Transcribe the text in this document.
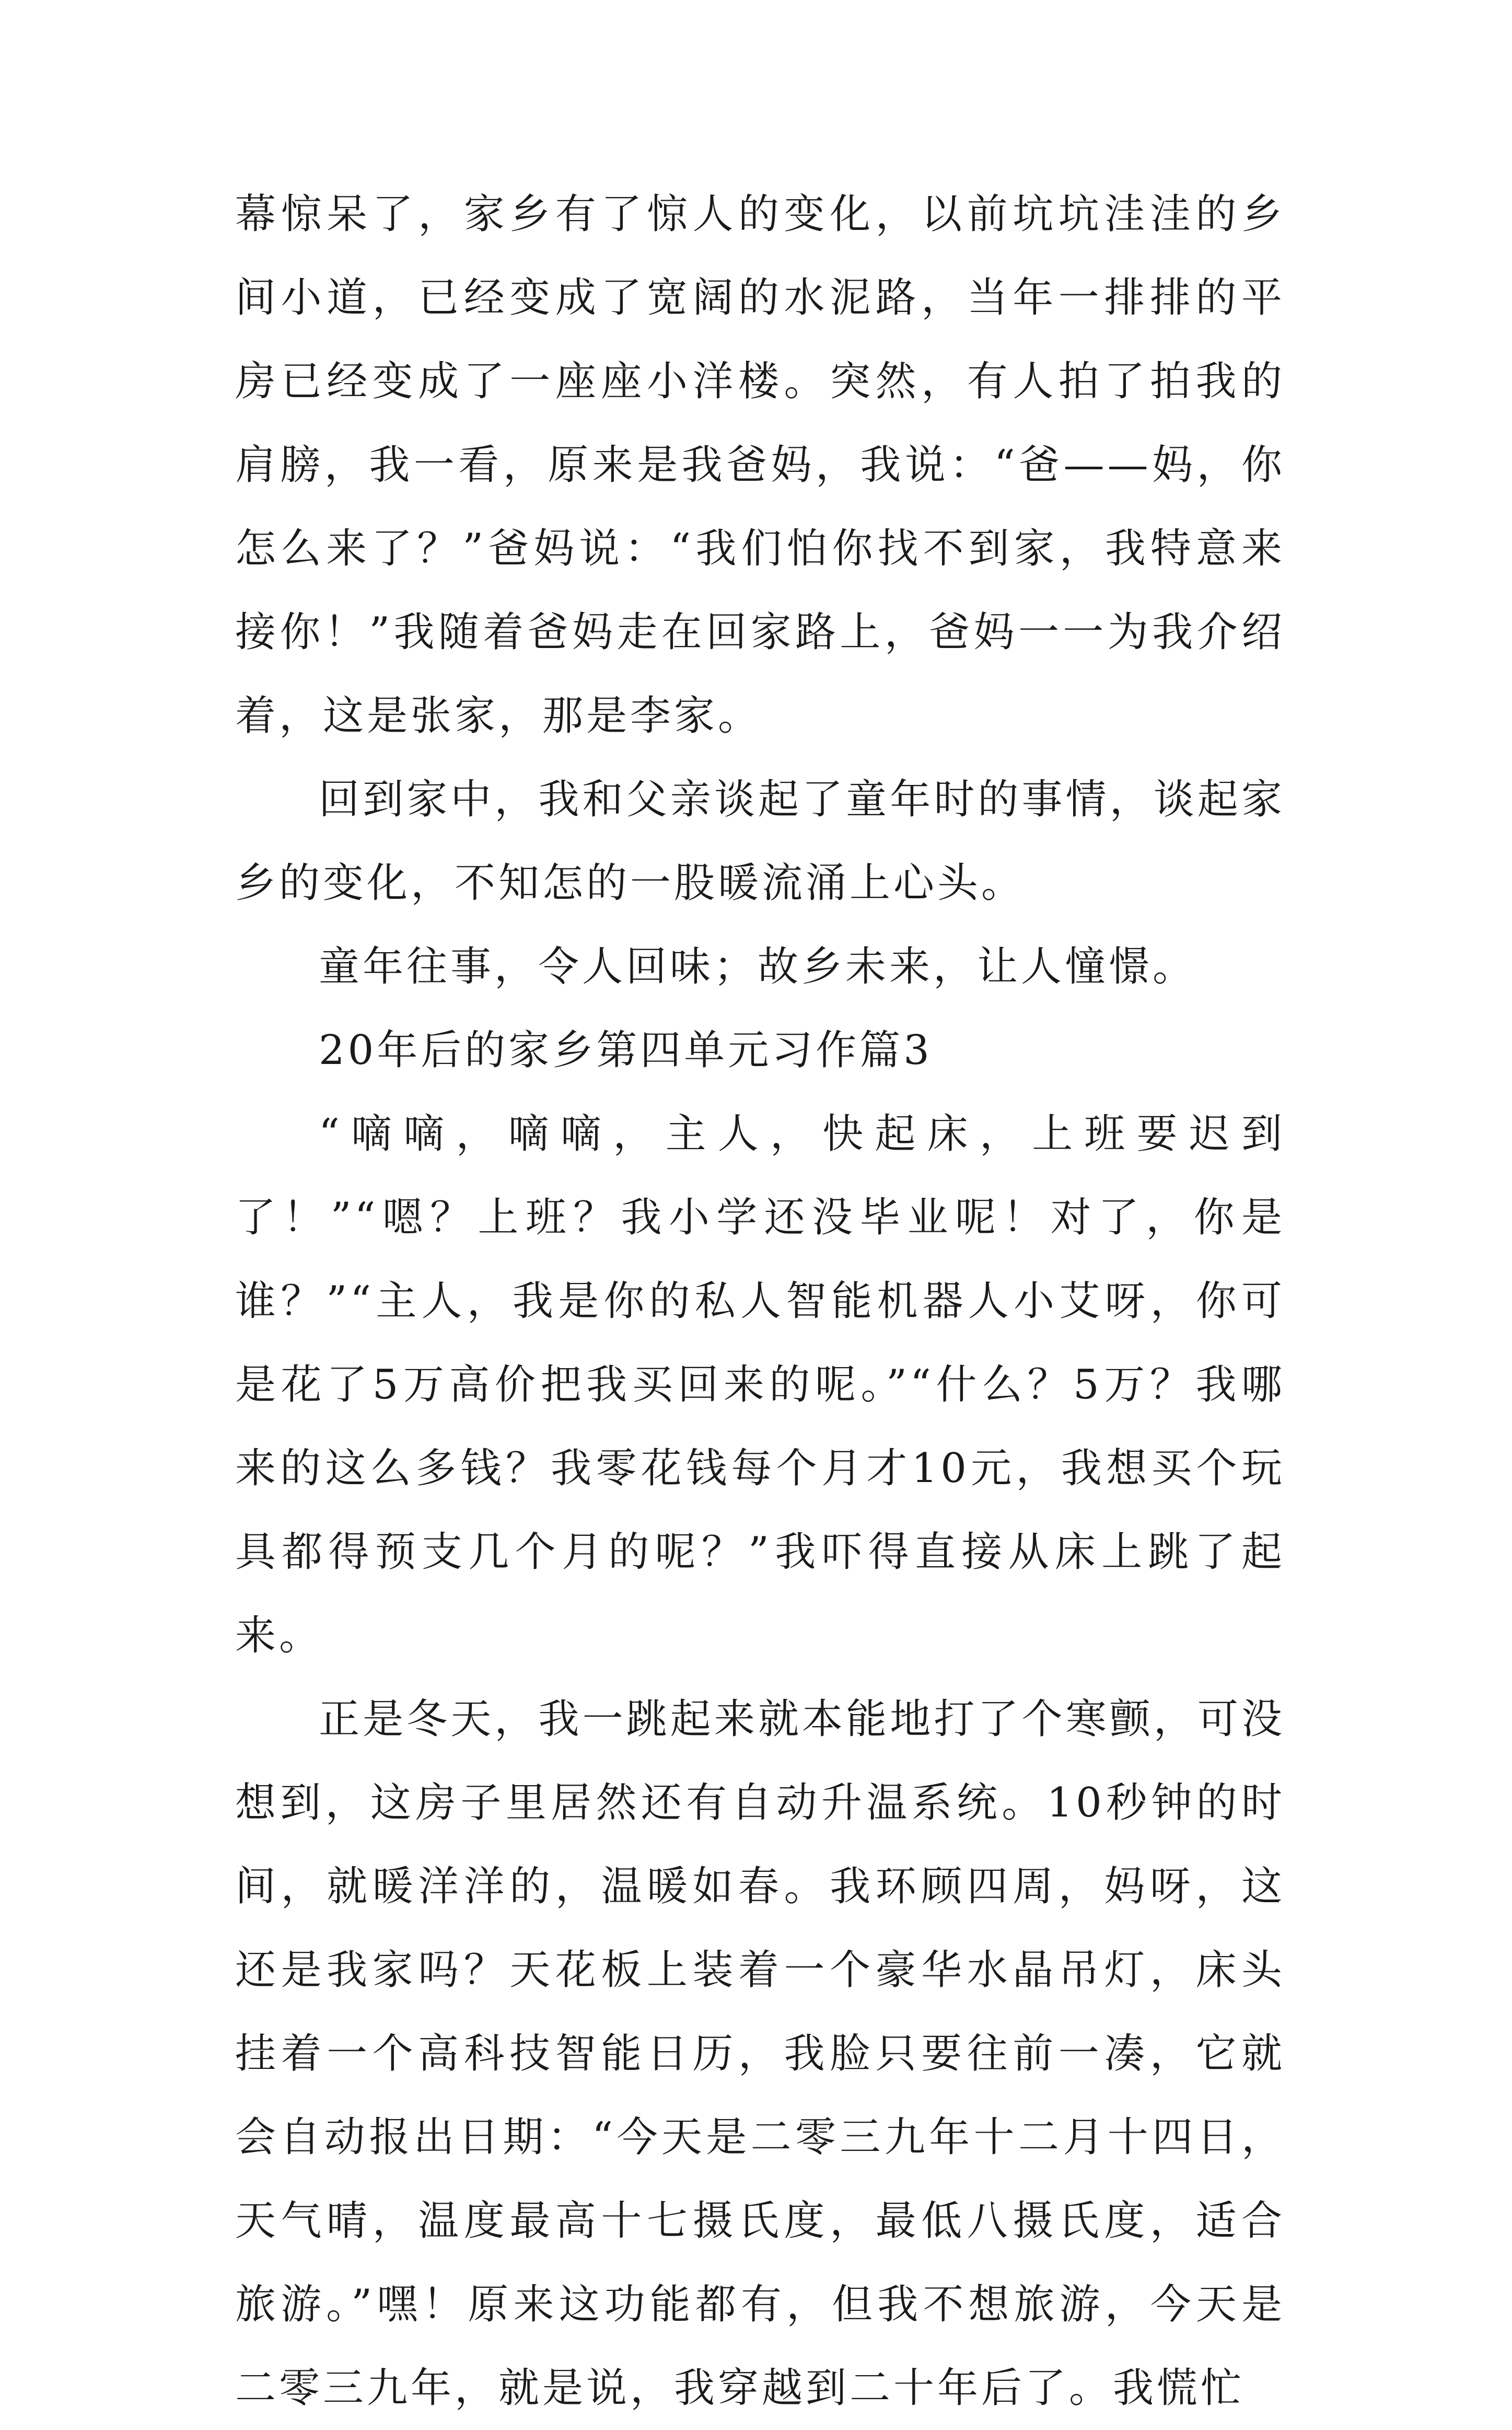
幕惊呆了，家乡有了惊人的变化，以前坑坑洼洼的乡间小道，已经变成了宽阔的水泥路，当年一排排的平房已经变成了一座座小洋楼。突然，有人拍了拍我的肩膀，我一看，原来是我爸妈，我说：“爸——妈，你怎么来了？”爸妈说：“我们怕你找不到家，我特意来接你！”我随着爸妈走在回家路上，爸妈一一为我介绍着，这是张家，那是李家。

回到家中，我和父亲谈起了童年时的事情，谈起家乡的变化，不知怎的一股暖流涌上心头。

童年往事，令人回味；故乡未来，让人憧憬。

20年后的家乡第四单元习作篇3

“嘀嘀，嘀嘀，主人，快起床，上班要迟到了！”“嗯？上班？我小学还没毕业呢！对了，你是谁？”“主人，我是你的私人智能机器人小艾呀，你可是花了5万高价把我买回来的呢。”“什么？5万？我哪来的这么多钱？我零花钱每个月才10元，我想买个玩具都得预支几个月的呢？”我吓得直接从床上跳了起来。

正是冬天，我一跳起来就本能地打了个寒颤，可没想到，这房子里居然还有自动升温系统。10秒钟的时间，就暖洋洋的，温暖如春。我环顾四周，妈呀，这还是我家吗？天花板上装着一个豪华水晶吊灯，床头挂着一个高科技智能日历，我脸只要往前一凑，它就会自动报出日期：“今天是二零三九年十二月十四日，天气晴，温度最高十七摄氏度，最低八摄氏度，适合旅游。”嘿！原来这功能都有，但我不想旅游，今天是二零三九年，就是说，我穿越到二十年后了。我慌忙
